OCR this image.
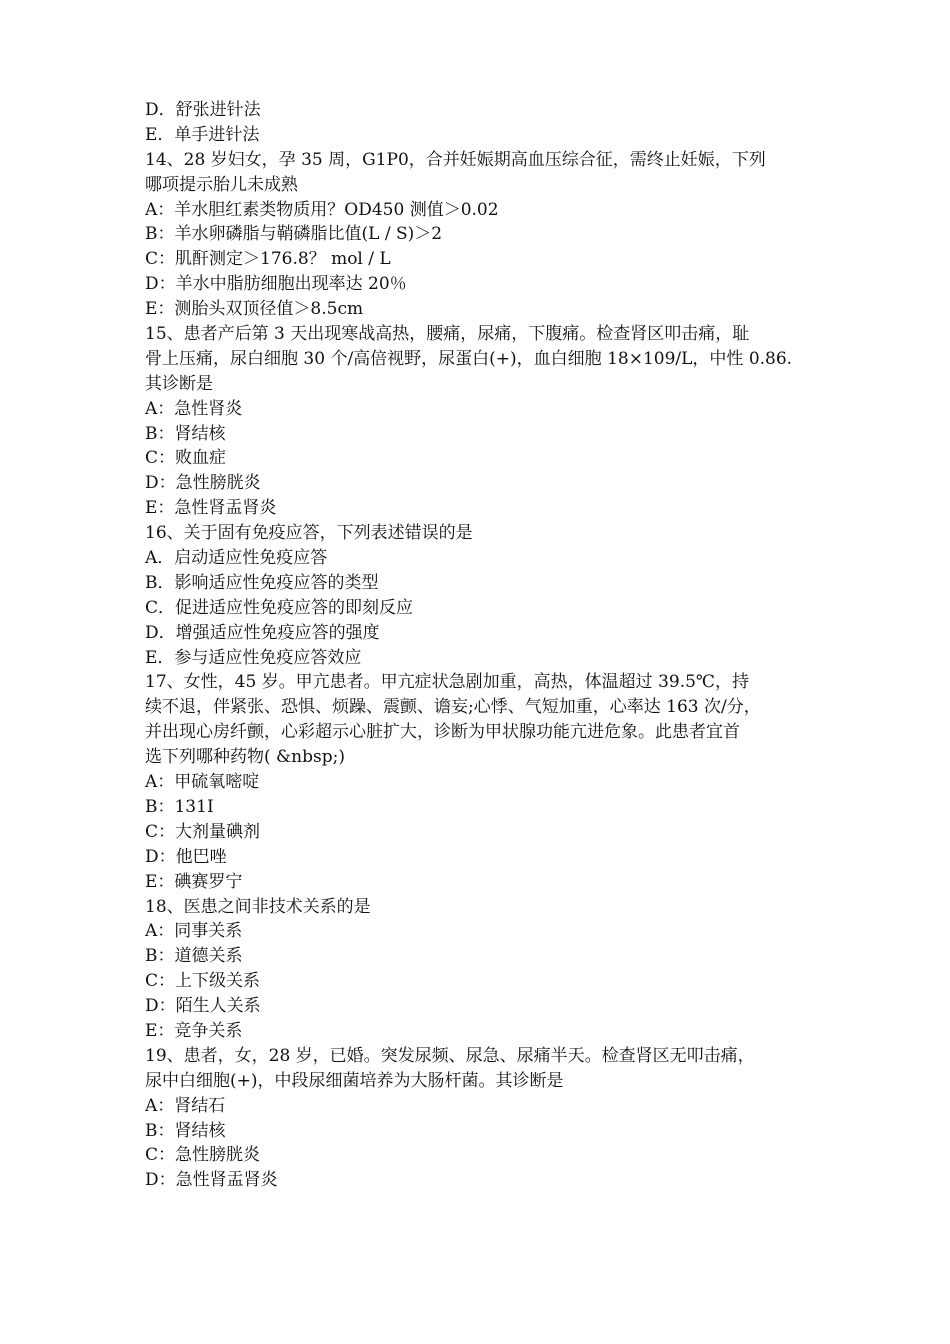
D．舒张进针法
E．单手进针法
14、28 岁妇女，孕 35 周，G1P0，合并妊娠期高血压综合征，需终止妊娠，下列
哪项提示胎儿未成熟
A：羊水胆红素类物质用？OD450 测值＞0.02
B：羊水卵磷脂与鞘磷脂比值(L / S)＞2
C：肌酐测定＞176.8？ mol / L
D：羊水中脂肪细胞出现率达 20％
E：测胎头双顶径值＞8.5cm
15、患者产后第 3 天出现寒战高热，腰痛，尿痛，下腹痛。检查肾区叩击痛，耻
骨上压痛，尿白细胞 30 个/高倍视野，尿蛋白(+)，血白细胞 18×109/L，中性 0.86.
其诊断是
A：急性肾炎
B：肾结核
C：败血症
D：急性膀胱炎
E：急性肾盂肾炎
16、关于固有免疫应答，下列表述错误的是
A．启动适应性免疫应答
B．影响适应性免疫应答的类型
C．促进适应性免疫应答的即刻反应
D．增强适应性免疫应答的强度
E．参与适应性免疫应答效应
17、女性，45 岁。甲亢患者。甲亢症状急剧加重，高热，体温超过 39.5℃，持
续不退，伴紧张、恐惧、烦躁、震颤、谵妄;心悸、气短加重，心率达 163 次/分，
并出现心房纤颤，心彩超示心脏扩大，诊断为甲状腺功能亢进危象。此患者宜首
选下列哪种药物( &nbsp;)
A：甲硫氧嘧啶
B：131I
C：大剂量碘剂
D：他巴唑
E：碘赛罗宁
18、医患之间非技术关系的是
A：同事关系
B：道德关系
C：上下级关系
D：陌生人关系
E：竞争关系
19、患者，女，28 岁，已婚。突发尿频、尿急、尿痛半天。检查肾区无叩击痛，
尿中白细胞(+)，中段尿细菌培养为大肠杆菌。其诊断是
A：肾结石
B：肾结核
C：急性膀胱炎
D：急性肾盂肾炎
